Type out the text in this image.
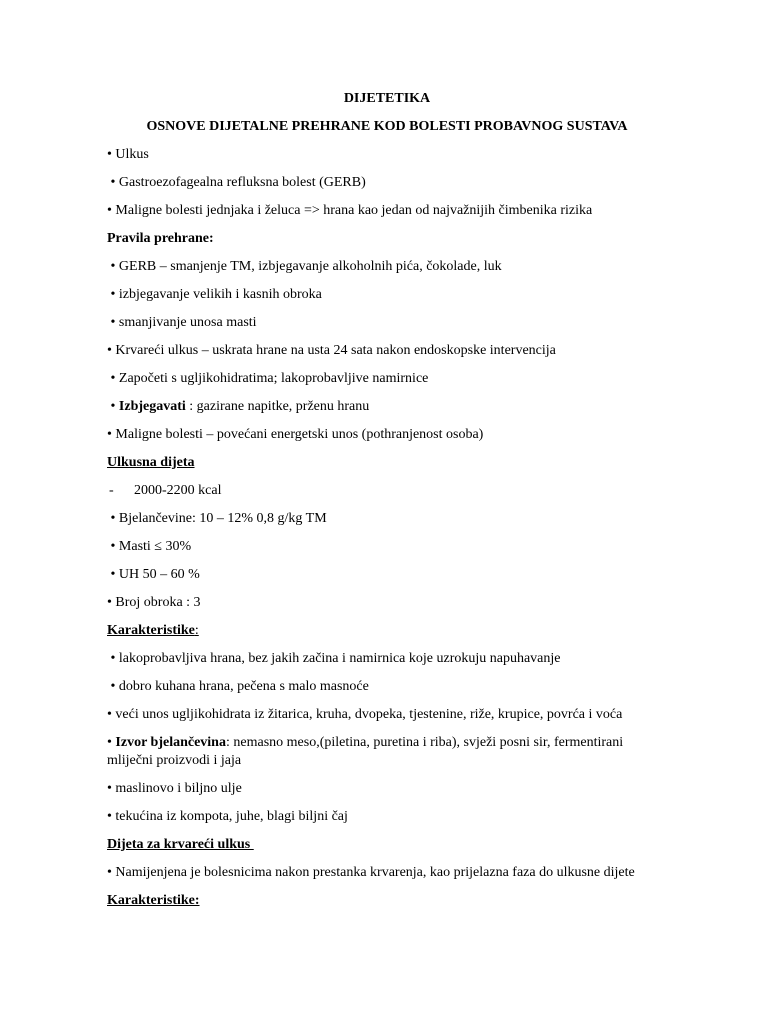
DIJETETIKA
OSNOVE DIJETALNE PREHRANE KOD BOLESTI PROBAVNOG SUSTAVA
• Ulkus
• Gastroezofagealna refluksna bolest (GERB)
• Maligne bolesti jednjaka i želuca => hrana kao jedan od najvažnijih čimbenika rizika
Pravila prehrane:
• GERB – smanjenje TM, izbjegavanje alkoholnih pića, čokolade, luk
• izbjegavanje velikih i kasnih obroka
• smanjivanje unosa masti
• Krvareći ulkus – uskrata hrane na usta 24 sata nakon endoskopske intervencija
• Započeti s ugljikohidratima; lakoprobavljive namirnice
• Izbjegavati : gazirane napitke, prženu hranu
• Maligne bolesti – povećani energetski unos (pothranjenost osoba)
Ulkusna dijeta
-	2000-2200 kcal
• Bjelančevine: 10 – 12% 0,8 g/kg TM
• Masti ≤ 30%
• UH 50 – 60 %
• Broj obroka : 3
Karakteristike:
• lakoprobavljiva hrana, bez jakih začina i namirnica koje uzrokuju napuhavanje
• dobro kuhana hrana, pečena s malo masnoće
• veći unos ugljikohidrata iz žitarica, kruha, dvopeka, tjestenine, riže, krupice, povrća i voća
• Izvor bjelančevina: nemasno meso,(piletina, puretina i riba), svježi posni sir, fermentirani mliječni proizvodi i jaja
• maslinovo i biljno ulje
• tekućina iz kompota, juhe, blagi biljni čaj
Dijeta za krvareći ulkus
• Namijenjena je bolesnicima nakon prestanka krvarenja, kao prijelazna faza do ulkusne dijete
Karakteristike:
